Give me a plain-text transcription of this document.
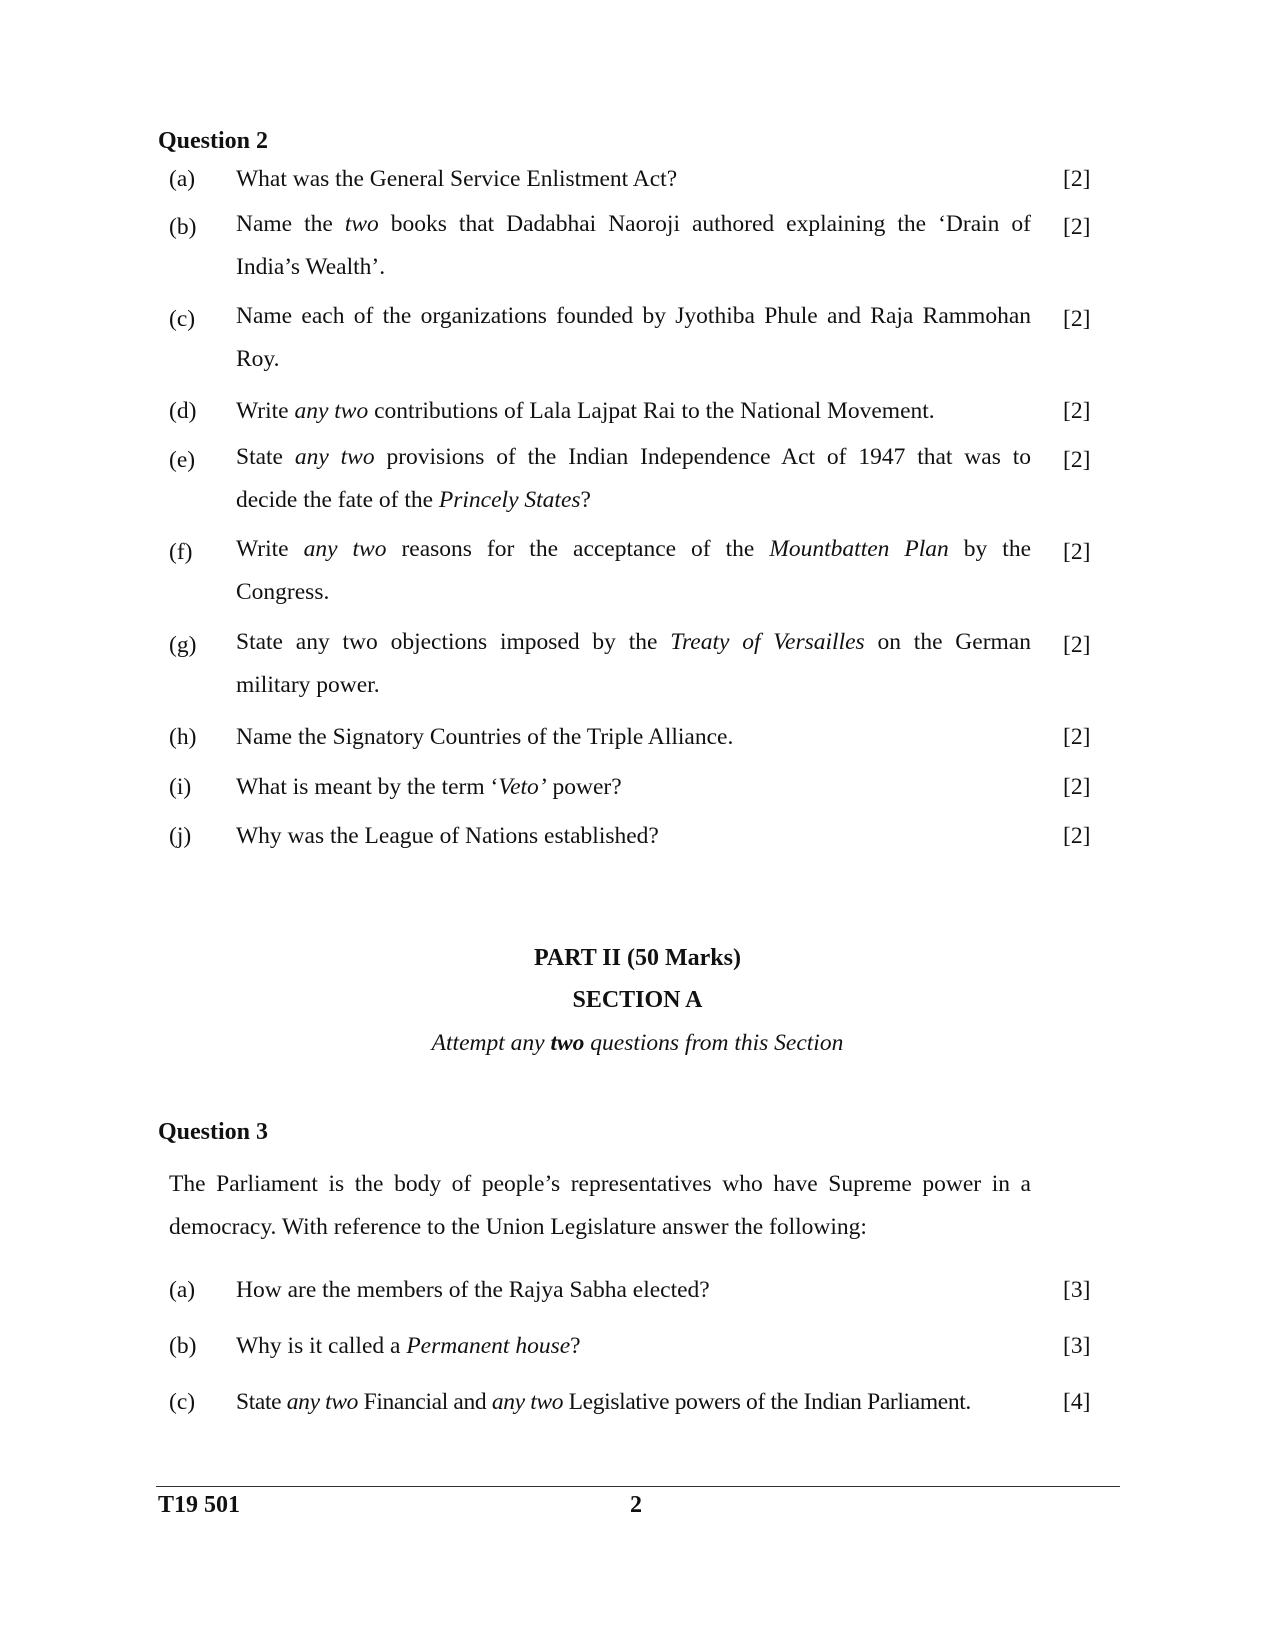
Question 2
(a) What was the General Service Enlistment Act?	[2]
(b) Name the two books that Dadabhai Naoroji authored explaining the ‘Drain of
India’s Wealth’.
[2]
(c) Name each of the organizations founded by Jyothiba Phule and Raja Rammohan
Roy.
[2]
(d) Write any two contributions of Lala Lajpat Rai to the National Movement.	[2]
(e) State any two provisions of the Indian Independence Act of 1947 that was to
decide the fate of the Princely States?
[2]
(f) Write any two reasons for the acceptance of the Mountbatten Plan by the
Congress.
[2]
(g) State any two objections imposed by the Treaty of Versailles on the German
military power.
[2]
(h) Name the Signatory Countries of the Triple Alliance.	[2]
(i) What is meant by the term ‘Veto’ power?	[2]
(j) Why was the League of Nations established?	[2]
PART II (50 Marks)
SECTION A
Attempt any two questions from this Section
Question 3
The Parliament is the body of people’s representatives who have Supreme power in a democracy. With reference to the Union Legislature answer the following:
(a) How are the members of the Rajya Sabha elected?	[3]
(b) Why is it called a Permanent house?	[3]
(c) State any two Financial and any two Legislative powers of the Indian Parliament.	[4]
T19 501	2
